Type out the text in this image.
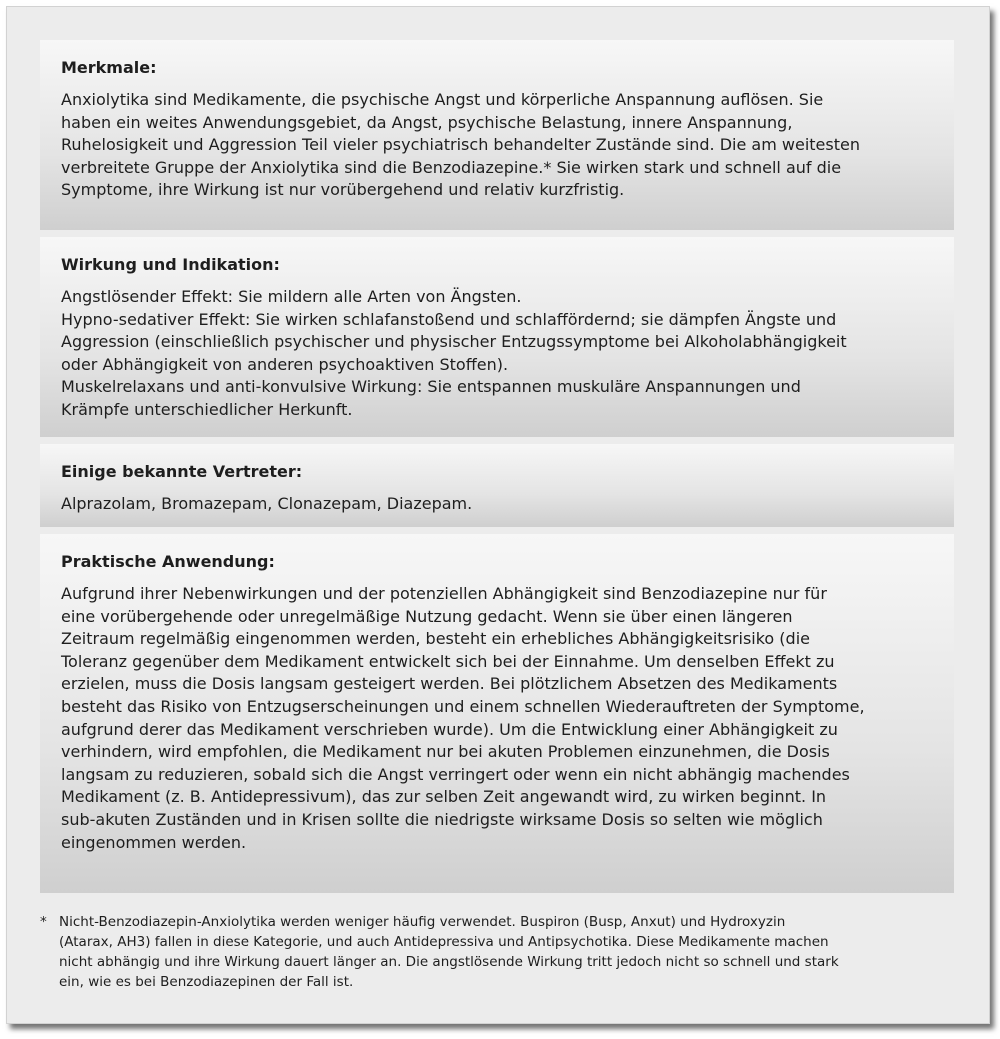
Merkmale:

Anxiolytika sind Medikamente, die psychische Angst und körperliche Anspannung auflösen. Sie
haben ein weites Anwendungsgebiet, da Angst, psychische Belastung, innere Anspannung,
Ruhelosigkeit und Aggression Teil vieler psychiatrisch behandelter Zustände sind. Die am weitesten
verbreitete Gruppe der Anxiolytika sind die Benzodiazepine.* Sie wirken stark und schnell auf die
Symptome, ihre Wirkung ist nur vorübergehend und relativ kurzfristig.

Wirkung und Indikation:

Angstlösender Effekt: Sie mildern alle Arten von Ängsten.
Hypno-sedativer Effekt: Sie wirken schlafanstoßend und schlaffördernd; sie dämpfen Ängste und
Aggression (einschließlich psychischer und physischer Entzugssymptome bei Alkoholabhängigkeit
oder Abhängigkeit von anderen psychoaktiven Stoffen).
Muskelrelaxans und anti-konvulsive Wirkung: Sie entspannen muskuläre Anspannungen und
Krämpfe unterschiedlicher Herkunft.

Einige bekannte Vertreter:

Alprazolam, Bromazepam, Clonazepam, Diazepam.

Praktische Anwendung:

Aufgrund ihrer Nebenwirkungen und der potenziellen Abhängigkeit sind Benzodiazepine nur für
eine vorübergehende oder unregelmäßige Nutzung gedacht. Wenn sie über einen längeren
Zeitraum regelmäßig eingenommen werden, besteht ein erhebliches Abhängigkeitsrisiko (die
Toleranz gegenüber dem Medikament entwickelt sich bei der Einnahme. Um denselben Effekt zu
erzielen, muss die Dosis langsam gesteigert werden. Bei plötzlichem Absetzen des Medikaments
besteht das Risiko von Entzugserscheinungen und einem schnellen Wiederauftreten der Symptome,
aufgrund derer das Medikament verschrieben wurde). Um die Entwicklung einer Abhängigkeit zu
verhindern, wird empfohlen, die Medikament nur bei akuten Problemen einzunehmen, die Dosis
langsam zu reduzieren, sobald sich die Angst verringert oder wenn ein nicht abhängig machendes
Medikament (z. B. Antidepressivum), das zur selben Zeit angewandt wird, zu wirken beginnt. In
sub-akuten Zuständen und in Krisen sollte die niedrigste wirksame Dosis so selten wie möglich
eingenommen werden.

* Nicht-Benzodiazepin-Anxiolytika werden weniger häufig verwendet. Buspiron (Busp, Anxut) und Hydroxyzin
(Atarax, AH3) fallen in diese Kategorie, und auch Antidepressiva und Antipsychotika. Diese Medikamente machen
nicht abhängig und ihre Wirkung dauert länger an. Die angstlösende Wirkung tritt jedoch nicht so schnell und stark
ein, wie es bei Benzodiazepinen der Fall ist.
